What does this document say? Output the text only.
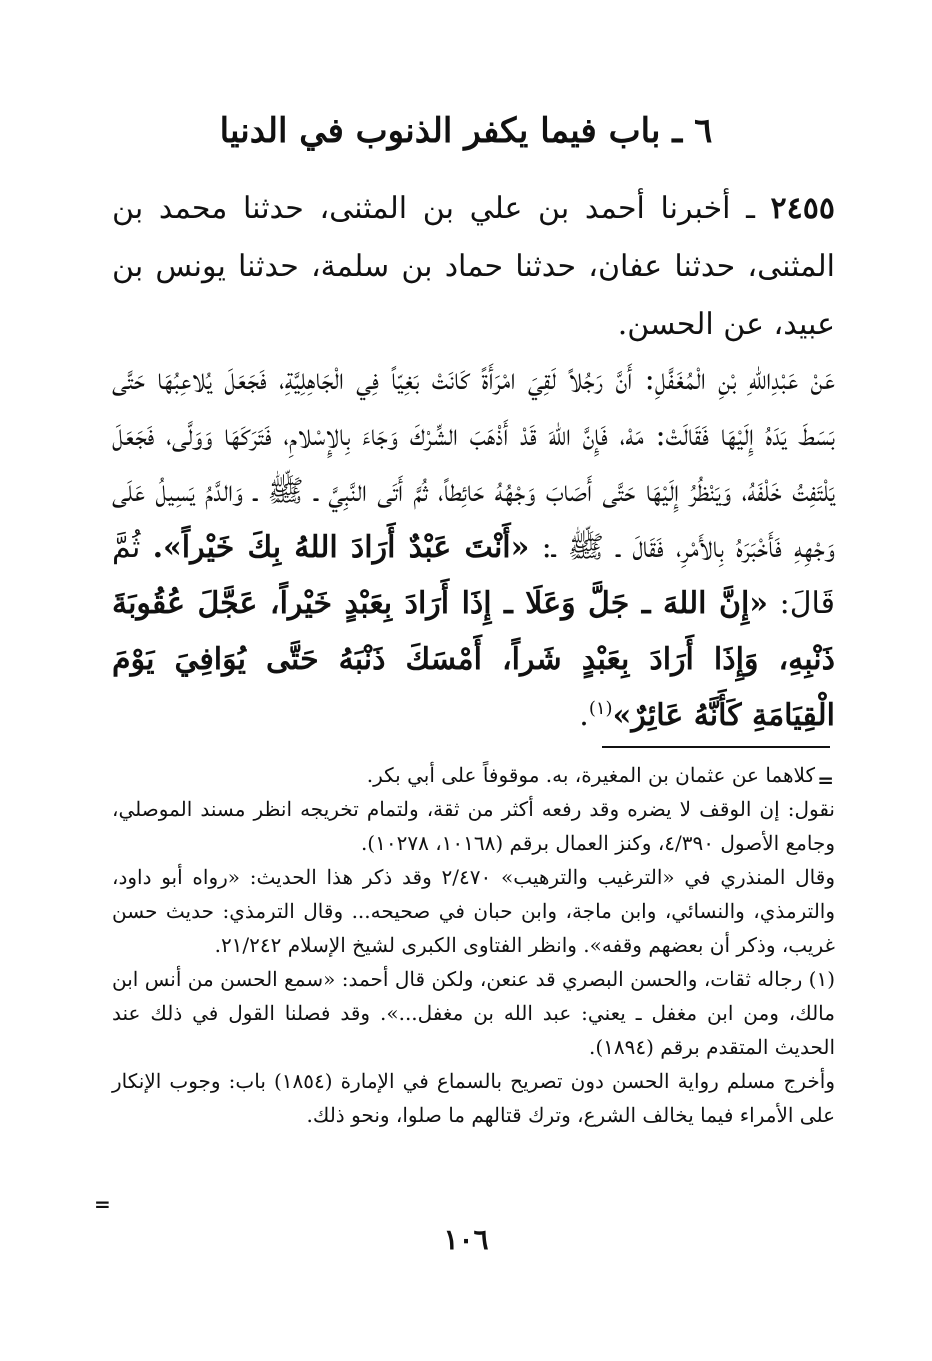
٦ ـ باب فيما يكفر الذنوب في الدنيا
٢٤٥٥ ـ أخبرنا أحمد بن علي بن المثنى، حدثنا محمد بن المثنى، حدثنا عفان، حدثنا حماد بن سلمة، حدثنا يونس بن عبيد، عن الحسن.
عَنْ عَبْدِاللهِ بْنِ الْمُغَفَّلِ: أَنَّ رَجُلاً لَقِيَ امْرَأَةً كَانَتْ بَغِيّاً فِي الْجَاهِلِيَّةِ، فَجَعَلَ يُلاعِبُهَا حَتَّى بَسَطَ يَدَهُ إِلَيْهَا فَقَالَتْ: مَهْ، فَإِنَّ اللهَ قَدْ أَذْهَبَ الشِّرْكَ وَجَاءَ بِالإِسْلامِ، فَتَرَكَهَا وَوَلَّى، فَجَعَلَ يَلْتَفِتُ خَلْفَهُ، وَيَنْظُرُ إِلَيْهَا حَتَّى أَصَابَ وَجْهُهُ حَائِطاً، ثُمَّ أَتَى النَّبِيَّ ـ ﷺ ـ وَالدَّمُ يَسِيلُ عَلَى وَجْهِهِ فَأَخْبَرَهُ بِالأَمْرِ، فَقَالَ ـ ﷺ ـ: «أَنْتَ عَبْدٌ أَرَادَ اللهُ بِكَ خَيْراً». ثُمَّ قَالَ: «إِنَّ اللهَ ـ جَلَّ وَعَلَا ـ إِذَا أَرَادَ بِعَبْدٍ خَيْراً، عَجَّلَ عُقُوبَةَ ذَنْبِهِ، وَإِذَا أَرَادَ بِعَبْدٍ شَراً، أَمْسَكَ ذَنْبَهُ حَتَّى يُوَافِيَ يَوْمَ الْقِيَامَةِ كَأَنَّهُ عَائِرٌ»$^{(١)}$.
=

كلاهما عن عثمان بن المغيرة، به. موقوفاً على أبي بكر.

نقول: إن الوقف لا يضره وقد رفعه أكثر من ثقة، ولتمام تخريجه انظر مسند الموصلي، وجامع الأصول ٤/٣٩٠، وكنز العمال برقم (١٠١٦٨، ١٠٢٧٨).

وقال المنذري في «الترغيب والترهيب» ٢/٤٧٠ وقد ذكر هذا الحديث: «رواه أبو داود، والترمذي، والنسائي، وابن ماجة، وابن حبان في صحيحه... وقال الترمذي: حديث حسن غريب، وذكر أن بعضهم وقفه». وانظر الفتاوى الكبرى لشيخ الإسلام ٢١/٢٤٢.

(١) رجاله ثقات، والحسن البصري قد عنعن، ولكن قال أحمد: «سمع الحسن من أنس ابن مالك، ومن ابن مغفل ـ يعني: عبد الله بن مغفل...». وقد فصلنا القول في ذلك عند الحديث المتقدم برقم (١٨٩٤).

وأخرج مسلم رواية الحسن دون تصريح بالسماع في الإمارة (١٨٥٤) باب: وجوب الإنكار على الأمراء فيما يخالف الشرع، وترك قتالهم ما صلوا، ونحو ذلك.

=
١٠٦
